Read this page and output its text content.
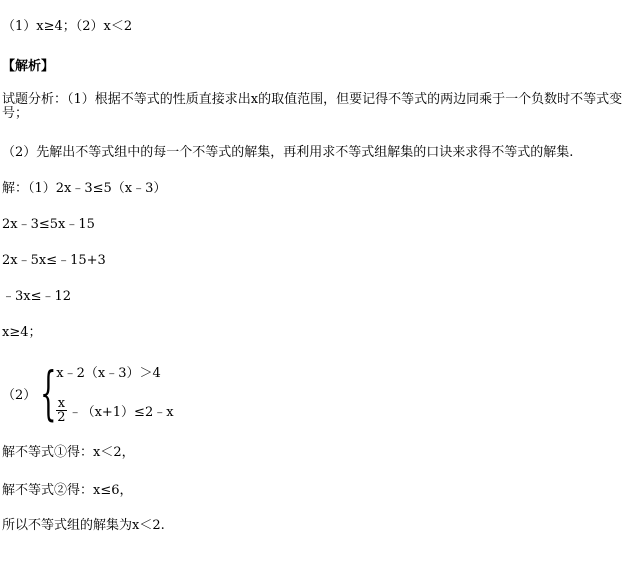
（1）x≥4；（2）x＜2
【解析】
试题分析：（1）根据不等式的性质直接求出x的取值范围，但要记得不等式的两边同乘于一个负数时不等式变号；
（2）先解出不等式组中的每一个不等式的解集，再利用求不等式组解集的口诀来求得不等式的解集.
解：（1）2x﹣3≤5（x﹣3）
2x﹣3≤5x﹣15
2x﹣5x≤﹣15+3
﹣3x≤﹣12
x≥4；
（2） { x﹣2（x﹣3）＞4
$\frac{x}{2}$ ﹣（x+1）≤2﹣x
解不等式①得：x＜2，
解不等式②得：x≤6，
所以不等式组的解集为x＜2.
